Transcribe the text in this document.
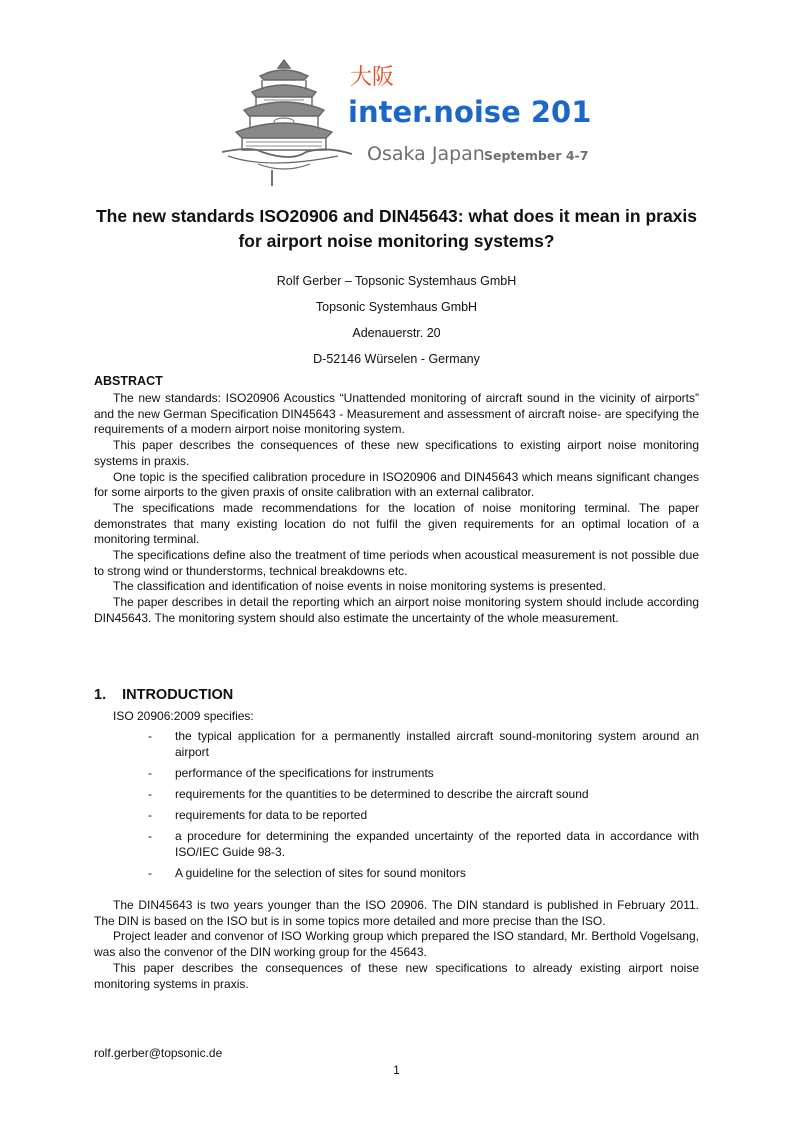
大阪
inter.noise 2011
Osaka Japan September 4-7
The new standards ISO20906 and DIN45643: what does it mean in praxis for airport noise monitoring systems?
Rolf Gerber – Topsonic Systemhaus GmbH
Topsonic Systemhaus GmbH
Adenauerstr. 20
D-52146 Würselen - Germany
ABSTRACT

The new standards: ISO20906 Acoustics “Unattended monitoring of aircraft sound in the vicinity of airports” and the new German Specification DIN45643 - Measurement and assessment of aircraft noise- are specifying the requirements of a modern airport noise monitoring system.

This paper describes the consequences of these new specifications to existing airport noise monitoring systems in praxis.

One topic is the specified calibration procedure in ISO20906 and DIN45643 which means significant changes for some airports to the given praxis of onsite calibration with an external calibrator.

The specifications made recommendations for the location of noise monitoring terminal. The paper demonstrates that many existing location do not fulfil the given requirements for an optimal location of a monitoring terminal.

The specifications define also the treatment of time periods when acoustical measurement is not possible due to strong wind or thunderstorms, technical breakdowns etc.

The classification and identification of noise events in noise monitoring systems is presented.

The paper describes in detail the reporting which an airport noise monitoring system should include according DIN45643. The monitoring system should also estimate the uncertainty of the whole measurement.

1. INTRODUCTION
ISO 20906:2009 specifies:
- the typical application for a permanently installed aircraft sound-monitoring system around an airport
- performance of the specifications for instruments
- requirements for the quantities to be determined to describe the aircraft sound
- requirements for data to be reported
- a procedure for determining the expanded uncertainty of the reported data in accordance with ISO/IEC Guide 98-3.
- A guideline for the selection of sites for sound monitors

The DIN45643 is two years younger than the ISO 20906. The DIN standard is published in February 2011. The DIN is based on the ISO but is in some topics more detailed and more precise than the ISO.

Project leader and convenor of ISO Working group which prepared the ISO standard, Mr. Berthold Vogelsang, was also the convenor of the DIN working group for the 45643.

This paper describes the consequences of these new specifications to already existing airport noise monitoring systems in praxis.

rolf.gerber@topsonic.de
1
